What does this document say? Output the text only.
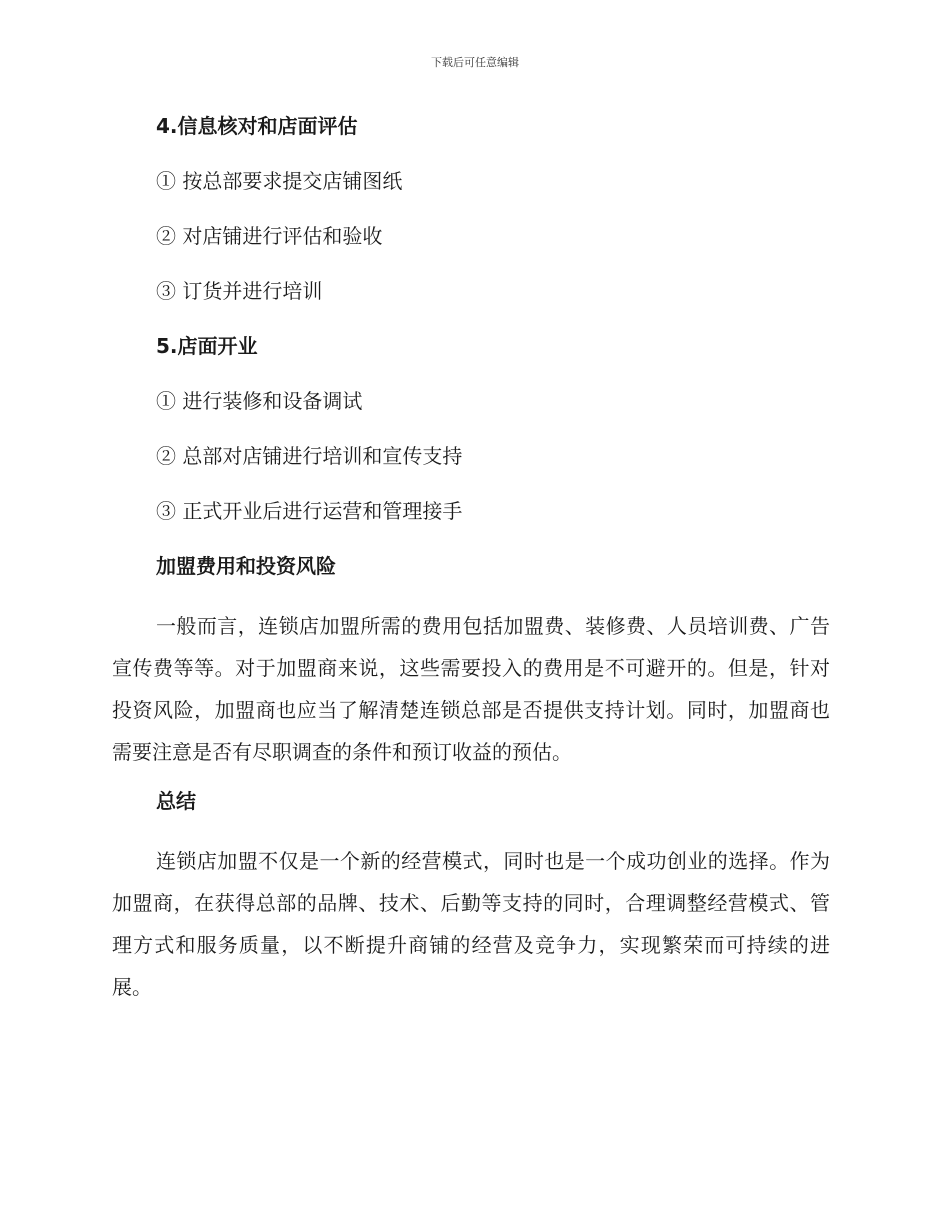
下载后可任意编辑
4.信息核对和店面评估

① 按总部要求提交店铺图纸

② 对店铺进行评估和验收

③ 订货并进行培训

5.店面开业

① 进行装修和设备调试

② 总部对店铺进行培训和宣传支持

③ 正式开业后进行运营和管理接手

加盟费用和投资风险

一般而言，连锁店加盟所需的费用包括加盟费、装修费、人员培训费、广告宣传费等等。对于加盟商来说，这些需要投入的费用是不可避开的。但是，针对投资风险，加盟商也应当了解清楚连锁总部是否提供支持计划。同时，加盟商也需要注意是否有尽职调查的条件和预订收益的预估。

总结

连锁店加盟不仅是一个新的经营模式，同时也是一个成功创业的选择。作为加盟商，在获得总部的品牌、技术、后勤等支持的同时，合理调整经营模式、管理方式和服务质量，以不断提升商铺的经营及竞争力，实现繁荣而可持续的进展。
